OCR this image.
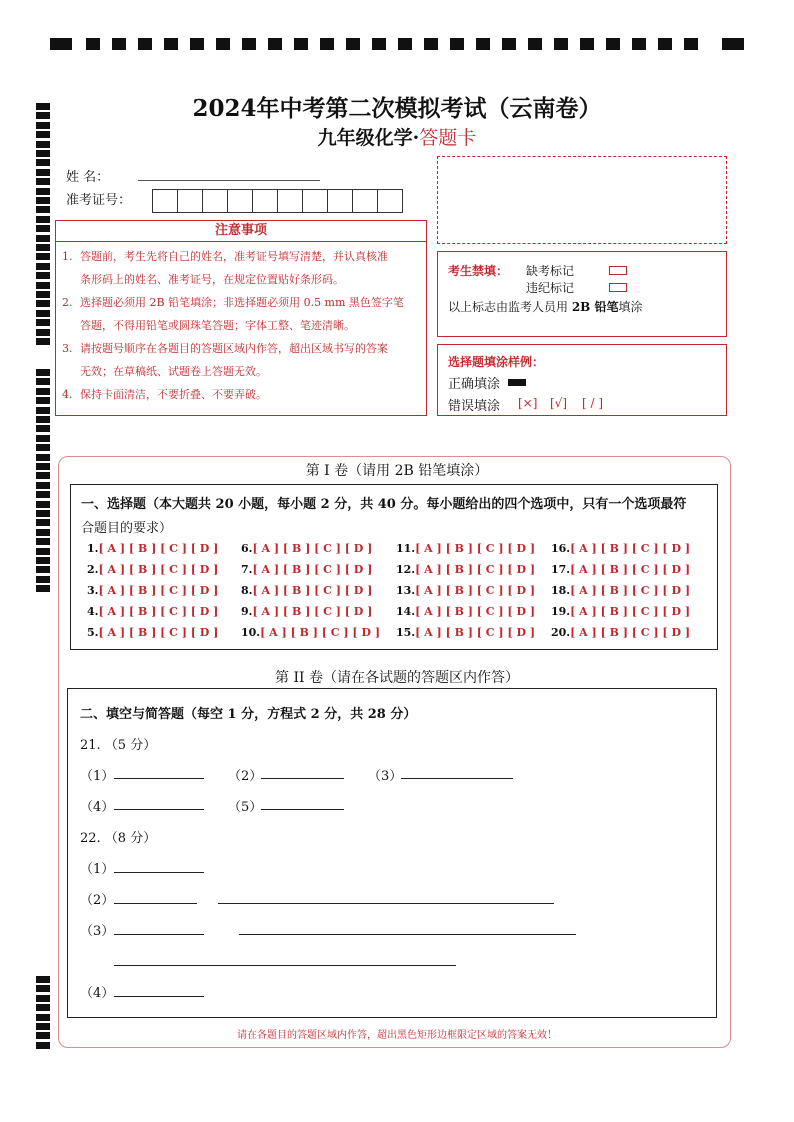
2024年中考第二次模拟考试（云南卷）
九年级化学·答题卡
姓 名：
准考证号：
注意事项
1. 答题前，考生先将自己的姓名，准考证号填写清楚，并认真核准
条形码上的姓名、准考证号，在规定位置贴好条形码。
2. 选择题必须用 2B 铅笔填涂；非选择题必须用 0.5 mm 黑色签字笔
答题，不得用铅笔或圆珠笔答题；字体工整、笔迹清晰。
3. 请按题号顺序在各题目的答题区域内作答，超出区域书写的答案
无效；在草稿纸、试题卷上答题无效。
4. 保持卡面清洁，不要折叠、不要弄破。
考生禁填： 缺考标记
违纪标记
以上标志由监考人员用 2B 铅笔填涂
选择题填涂样例：
正确填涂
错误填涂 [×] [√] [ / ]
第 I 卷（请用 2B 铅笔填涂）
一、选择题（本大题共 20 小题，每小题 2 分，共 40 分。每小题给出的四个选项中，只有一个选项最符
合题目的要求）
1.[ A ] [ B ] [ C ] [ D ]
2.[ A ] [ B ] [ C ] [ D ]
3.[ A ] [ B ] [ C ] [ D ]
4.[ A ] [ B ] [ C ] [ D ]
5.[ A ] [ B ] [ C ] [ D ]
6.[ A ] [ B ] [ C ] [ D ]
7.[ A ] [ B ] [ C ] [ D ]
8.[ A ] [ B ] [ C ] [ D ]
9.[ A ] [ B ] [ C ] [ D ]
10.[ A ] [ B ] [ C ] [ D ]
11.[ A ] [ B ] [ C ] [ D ]
12.[ A ] [ B ] [ C ] [ D ]
13.[ A ] [ B ] [ C ] [ D ]
14.[ A ] [ B ] [ C ] [ D ]
15.[ A ] [ B ] [ C ] [ D ]
16.[ A ] [ B ] [ C ] [ D ]
17.[ A ] [ B ] [ C ] [ D ]
18.[ A ] [ B ] [ C ] [ D ]
19.[ A ] [ B ] [ C ] [ D ]
20.[ A ] [ B ] [ C ] [ D ]
第 II 卷（请在各试题的答题区内作答）
二、填空与简答题（每空 1 分，方程式 2 分，共 28 分）
21. （5 分）
（1）	（2）	（3）
（4）	（5）
22. （8 分）
（1）
（2）
（3）
（4）
请在各题目的答题区域内作答，超出黑色矩形边框限定区域的答案无效！
